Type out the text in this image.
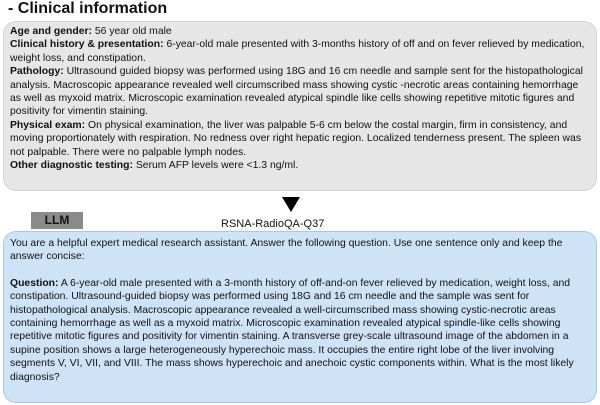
- Clinical information

Age and gender: 56 year old male

Clinical history & presentation: 6-year-old male presented with 3-months history of off and on fever relieved by medication, weight loss, and constipation.

Pathology: Ultrasound guided biopsy was performed using 18G and 16 cm needle and sample sent for the histopathological analysis. Macroscopic appearance revealed well circumscribed mass showing cystic -necrotic areas containing hemorrhage as well as myxoid matrix. Microscopic examination revealed atypical spindle like cells showing repetitive mitotic figures and positivity for vimentin staining.

Physical exam: On physical examination, the liver was palpable 5-6 cm below the costal margin, firm in consistency, and moving proportionately with respiration. No redness over right hepatic region. Localized tenderness present. The spleen was not palpable. There were no palpable lymph nodes.

Other diagnostic testing: Serum AFP levels were <1.3 ng/ml.

LLM	RSNA-RadioQA-Q37

You are a helpful expert medical research assistant. Answer the following question. Use one sentence only and keep the answer concise:

Question: A 6-year-old male presented with a 3-month history of off-and-on fever relieved by medication, weight loss, and constipation. Ultrasound-guided biopsy was performed using 18G and 16 cm needle and the sample was sent for histopathological analysis. Macroscopic appearance revealed a well-circumscribed mass showing cystic-necrotic areas containing hemorrhage as well as a myxoid matrix. Microscopic examination revealed atypical spindle-like cells showing repetitive mitotic figures and positivity for vimentin staining. A transverse grey-scale ultrasound image of the abdomen in a supine position shows a large heterogeneously hyperechoic mass. It occupies the entire right lobe of the liver involving segments V, VI, VII, and VIII. The mass shows hyperechoic and anechoic cystic components within. What is the most likely diagnosis?
